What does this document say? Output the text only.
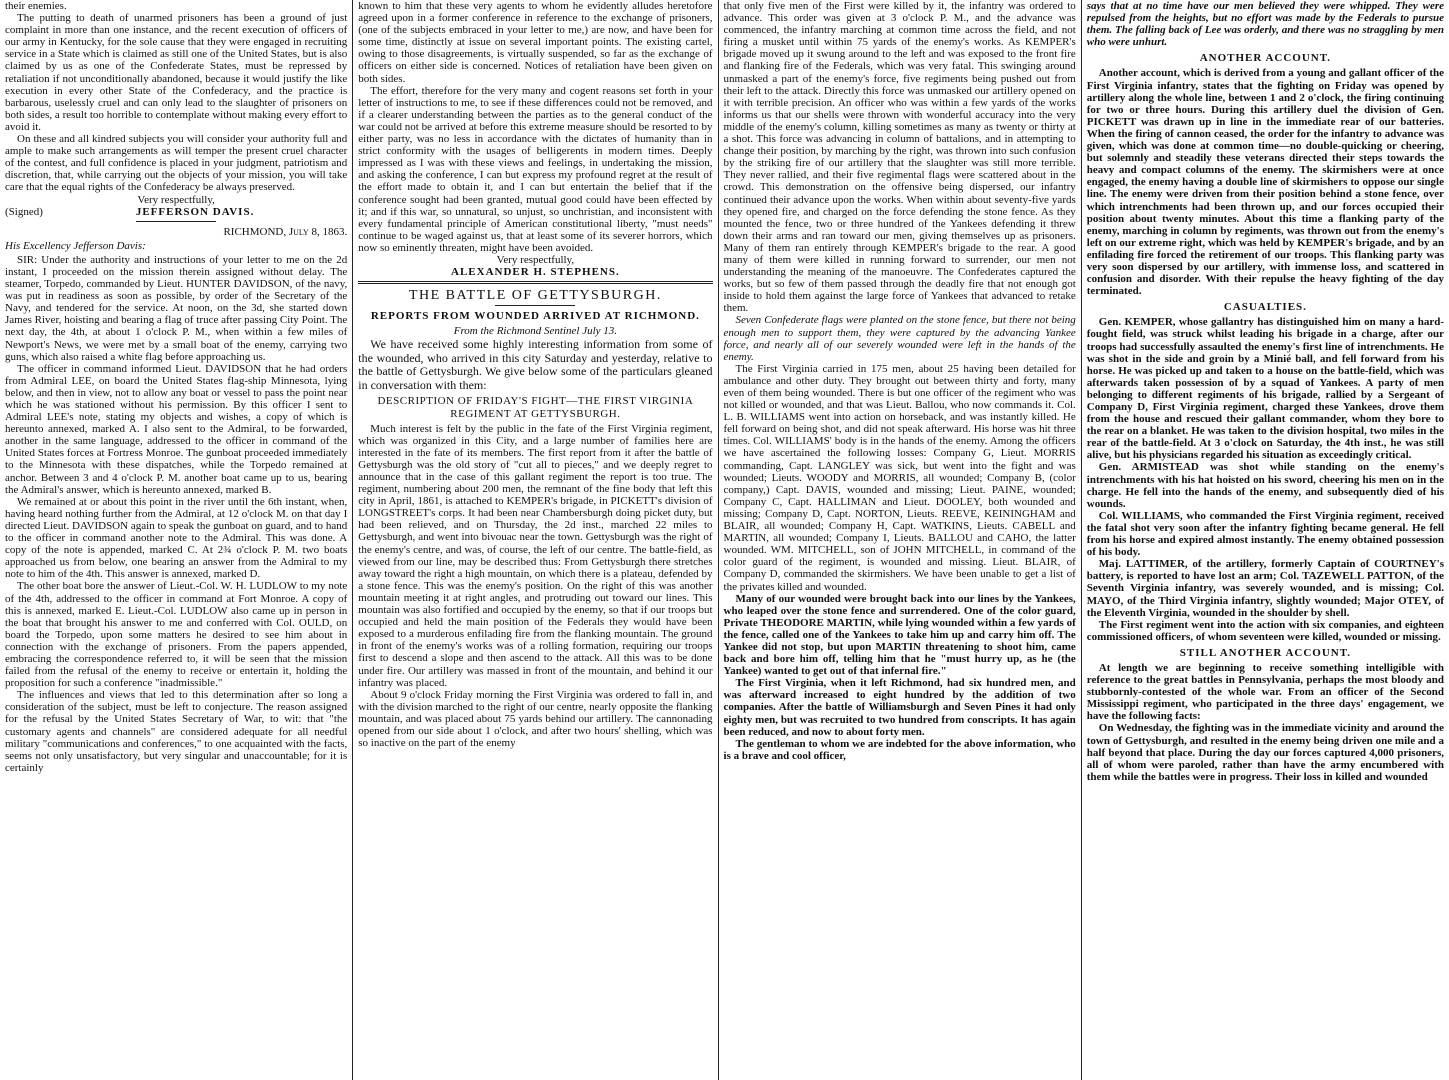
their enemies.

The putting to death of unarmed prisoners has been a ground of just complaint in more than one instance, and the recent execution of officers of our army in Kentucky, for the sole cause that they were engaged in recruiting service in a State which is claimed as still one of the United States, but is also claimed by us as one of the Confederate States, must be repressed by retaliation if not unconditionally abandoned, because it would justify the like execution in every other State of the Confederacy, and the practice is barbarous, uselessly cruel and can only lead to the slaughter of prisoners on both sides, a result too horrible to contemplate without making every effort to avoid it.

On these and all kindred subjects you will consider your authority full and ample to make such arrangements as will temper the present cruel character of the contest, and full confidence is placed in your judgment, patriotism and discretion, that, while carrying out the objects of your mission, you will take care that the equal rights of the Confederacy be always preserved.

Very respectfully,

(Signed)	JEFFERSON DAVIS.

RICHMOND, July 8, 1863.

His Excellency Jefferson Davis:

SIR: Under the authority and instructions of your letter to me on the 2d instant, I proceeded on the mission therein assigned without delay. The steamer, Torpedo, commanded by Lieut. HUNTER DAVIDSON, of the navy, was put in readiness as soon as possible, by order of the Secretary of the Navy, and tendered for the service. At noon, on the 3d, she started down James River, hoisting and bearing a flag of truce after passing City Point. The next day, the 4th, at about 1 o'clock P. M., when within a few miles of Newport's News, we were met by a small boat of the enemy, carrying two guns, which also raised a white flag before approaching us.

The officer in command informed Lieut. DAVIDSON that he had orders from Admiral LEE, on board the United States flag-ship Minnesota, lying below, and then in view, not to allow any boat or vessel to pass the point near which he was stationed without his permission. By this officer I sent to Admiral LEE's note, stating my objects and wishes, a copy of which is hereunto annexed, marked A. I also sent to the Admiral, to be forwarded, another in the same language, addressed to the officer in command of the United States forces at Fortress Monroe. The gunboat proceeded immediately to the Minnesota with these dispatches, while the Torpedo remained at anchor. Between 3 and 4 o'clock P. M. another boat came up to us, bearing the Admiral's answer, which is hereunto annexed, marked B.

We remained at or about this point in the river until the 6th instant, when, having heard nothing further from the Admiral, at 12 o'clock M. on that day I directed Lieut. DAVIDSON again to speak the gunboat on guard, and to hand to the officer in command another note to the Admiral. This was done. A copy of the note is appended, marked C. At 2¾ o'clock P. M. two boats approached us from below, one bearing an answer from the Admiral to my note to him of the 4th. This answer is annexed, marked D.

The other boat bore the answer of Lieut.-Col. W. H. LUDLOW to my note of the 4th, addressed to the officer in command at Fort Monroe. A copy of this is annexed, marked E. Lieut.-Col. LUDLOW also came up in person in the boat that brought his answer to me and conferred with Col. OULD, on board the Torpedo, upon some matters he desired to see him about in connection with the exchange of prisoners. From the papers appended, embracing the correspondence referred to, it will be seen that the mission failed from the refusal of the enemy to receive or entertain it, holding the proposition for such a conference "inadmissible."

The influences and views that led to this determination after so long a consideration of the subject, must be left to conjecture. The reason assigned for the refusal by the United States Secretary of War, to wit: that "the customary agents and channels" are considered adequate for all needful military "communications and conferences," to one acquainted with the facts, seems not only unsatisfactory, but very singular and unaccountable; for it is certainly

known to him that these very agents to whom he evidently alludes heretofore agreed upon in a former conference in reference to the exchange of prisoners, (one of the subjects embraced in your letter to me,) are now, and have been for some time, distinctly at issue on several important points. The existing cartel, owing to those disagreements, is virtually suspended, so far as the exchange of officers on either side is concerned. Notices of retaliation have been given on both sides.

The effort, therefore for the very many and cogent reasons set forth in your letter of instructions to me, to see if these differences could not be removed, and if a clearer understanding between the parties as to the general conduct of the war could not be arrived at before this extreme measure should be resorted to by either party, was no less in accordance with the dictates of humanity than in strict conformity with the usages of belligerents in modern times. Deeply impressed as I was with these views and feelings, in undertaking the mission, and asking the conference, I can but express my profound regret at the result of the effort made to obtain it, and I can but entertain the belief that if the conference sought had been granted, mutual good could have been effected by it; and if this war, so unnatural, so unjust, so unchristian, and inconsistent with every fundamental principle of American constitutional liberty, "must needs" continue to be waged against us, that at least some of its severer horrors, which now so eminently threaten, might have been avoided.

Very respectfully,

ALEXANDER H. STEPHENS.

THE BATTLE OF GETTYSBURGH.

REPORTS FROM WOUNDED ARRIVED AT RICHMOND.

From the Richmond Sentinel July 13.

We have received some highly interesting information from some of the wounded, who arrived in this city Saturday and yesterday, relative to the battle of Gettysburgh. We give below some of the particulars gleaned in conversation with them:

DESCRIPTION OF FRIDAY'S FIGHT—THE FIRST VIRGINIA REGIMENT AT GETTYSBURGH.

Much interest is felt by the public in the fate of the First Virginia regiment, which was organized in this City, and a large number of families here are interested in the fate of its members. The first report from it after the battle of Gettysburgh was the old story of "cut all to pieces," and we deeply regret to announce that in the case of this gallant regiment the report is too true. The regiment, numbering about 200 men, the remnant of the fine body that left this city in April, 1861, is attached to KEMPER's brigade, in PICKETT's division of LONGSTREET's corps. It had been near Chambersburgh doing picket duty, but had been relieved, and on Thursday, the 2d inst., marched 22 miles to Gettysburgh, and went into bivouac near the town. Gettysburgh was the right of the enemy's centre, and was, of course, the left of our centre. The battle-field, as viewed from our line, may be described thus: From Gettysburgh there stretches away toward the right a high mountain, on which there is a plateau, defended by a stone fence. This was the enemy's position. On the right of this was another mountain meeting it at right angles, and protruding out toward our lines. This mountain was also fortified and occupied by the enemy, so that if our troops but occupied and held the main position of the Federals they would have been exposed to a murderous enfilading fire from the flanking mountain. The ground in front of the enemy's works was of a rolling formation, requiring our troops first to descend a slope and then ascend to the attack. All this was to be done under fire. Our artillery was massed in front of the mountain, and behind it our infantry was placed.

About 9 o'clock Friday morning the First Virginia was ordered to fall in, and with the division marched to the right of our centre, nearly opposite the flanking mountain, and was placed about 75 yards behind our artillery. The cannonading opened from our side about 1 o'clock, and after two hours' shelling, which was so inactive on the part of the enemy

that only five men of the First were killed by it, the infantry was ordered to advance. This order was given at 3 o'clock P. M., and the advance was commenced, the infantry marching at common time across the field, and not firing a musket until within 75 yards of the enemy's works. As KEMPER's brigade moved up it swung around to the left and was exposed to the front fire and flanking fire of the Federals, which was very fatal. This swinging around unmasked a part of the enemy's force, five regiments being pushed out from their left to the attack. Directly this force was unmasked our artillery opened on it with terrible precision. An officer who was within a few yards of the works informs us that our shells were thrown with wonderful accuracy into the very middle of the enemy's column, killing sometimes as many as twenty or thirty at a shot. This force was advancing in column of battalions, and in attempting to change their position, by marching by the right, was thrown into such confusion by the striking fire of our artillery that the slaughter was still more terrible. They never rallied, and their five regimental flags were scattered about in the crowd. This demonstration on the offensive being dispersed, our infantry continued their advance upon the works. When within about seventy-five yards they opened fire, and charged on the force defending the stone fence. As they mounted the fence, two or three hundred of the Yankees defending it threw down their arms and ran toward our men, giving themselves up as prisoners. Many of them ran entirely through KEMPER's brigade to the rear. A good many of them were killed in running forward to surrender, our men not understanding the meaning of the manoeuvre. The Confederates captured the works, but so few of them passed through the deadly fire that not enough got inside to hold them against the large force of Yankees that advanced to retake them.

Seven Confederate flags were planted on the stone fence, but there not being enough men to support them, they were captured by the advancing Yankee force, and nearly all of our severely wounded were left in the hands of the enemy.

The First Virginia carried in 175 men, about 25 having been detailed for ambulance and other duty. They brought out between thirty and forty, many even of them being wounded. There is but one officer of the regiment who was not killed or wounded, and that was Lieut. Ballou, who now commands it. Col. L. B. WILLIAMS went into action on horseback, and was instantly killed. He fell forward on being shot, and did not speak afterward. His horse was hit three times. Col. WILLIAMS' body is in the hands of the enemy. Among the officers we have ascertained the following losses: Company G, Lieut. MORRIS commanding, Capt. LANGLEY was sick, but went into the fight and was wounded; Lieuts. WOODY and MORRIS, all wounded; Company B, (color company,) Capt. DAVIS, wounded and missing; Lieut. PAINE, wounded; Company C, Capt. HALLIMAN and Lieut. DOOLEY, both wounded and missing; Company D, Capt. NORTON, Lieuts. REEVE, KEININGHAM and BLAIR, all wounded; Company H, Capt. WATKINS, Lieuts. CABELL and MARTIN, all wounded; Company I, Lieuts. BALLOU and CAHO, the latter wounded. WM. MITCHELL, son of JOHN MITCHELL, in command of the color guard of the regiment, is wounded and missing. Lieut. BLAIR, of Company D, commanded the skirmishers. We have been unable to get a list of the privates killed and wounded.

Many of our wounded were brought back into our lines by the Yankees, who leaped over the stone fence and surrendered. One of the color guard, Private THEODORE MARTIN, while lying wounded within a few yards of the fence, called one of the Yankees to take him up and carry him off. The Yankee did not stop, but upon MARTIN threatening to shoot him, came back and bore him off, telling him that he "must hurry up, as he (the Yankee) wanted to get out of that infernal fire."

The First Virginia, when it left Richmond, had six hundred men, and was afterward increased to eight hundred by the addition of two companies. After the battle of Williamsburgh and Seven Pines it had only eighty men, but was recruited to two hundred from conscripts. It has again been reduced, and now to about forty men.

The gentleman to whom we are indebted for the above information, who is a brave and cool officer,

says that at no time have our men believed they were whipped. They were repulsed from the heights, but no effort was made by the Federals to pursue them. The falling back of Lee was orderly, and there was no straggling by men who were unhurt.

ANOTHER ACCOUNT.

Another account, which is derived from a young and gallant officer of the First Virginia infantry, states that the fighting on Friday was opened by artillery along the whole line, between 1 and 2 o'clock, the firing continuing for two or three hours. During this artillery duel the division of Gen. PICKETT was drawn up in line in the immediate rear of our batteries. When the firing of cannon ceased, the order for the infantry to advance was given, which was done at common time—no double-quicking or cheering, but solemnly and steadily these veterans directed their steps towards the heavy and compact columns of the enemy. The skirmishers were at once engaged, the enemy having a double line of skirmishers to oppose our single line. The enemy were driven from their position behind a stone fence, over which intrenchments had been thrown up, and our forces occupied their position about twenty minutes. About this time a flanking party of the enemy, marching in column by regiments, was thrown out from the enemy's left on our extreme right, which was held by KEMPER's brigade, and by an enfilading fire forced the retirement of our troops. This flanking party was very soon dispersed by our artillery, with immense loss, and scattered in confusion and disorder. With their repulse the heavy fighting of the day terminated.

CASUALTIES.

Gen. KEMPER, whose gallantry has distinguished him on many a hard-fought field, was struck whilst leading his brigade in a charge, after our troops had successfully assaulted the enemy's first line of intrenchments. He was shot in the side and groin by a Minié ball, and fell forward from his horse. He was picked up and taken to a house on the battle-field, which was afterwards taken possession of by a squad of Yankees. A party of men belonging to different regiments of his brigade, rallied by a Sergeant of Company D, First Virginia regiment, charged these Yankees, drove them from the house and rescued their gallant commander, whom they bore to the rear on a blanket. He was taken to the division hospital, two miles in the rear of the battle-field. At 3 o'clock on Saturday, the 4th inst., he was still alive, but his physicians regarded his situation as exceedingly critical.

Gen. ARMISTEAD was shot while standing on the enemy's intrenchments with his hat hoisted on his sword, cheering his men on in the charge. He fell into the hands of the enemy, and subsequently died of his wounds.

Col. WILLIAMS, who commanded the First Virginia regiment, received the fatal shot very soon after the infantry fighting became general. He fell from his horse and expired almost instantly. The enemy obtained possession of his body.

Maj. LATTIMER, of the artillery, formerly Captain of COURTNEY's battery, is reported to have lost an arm; Col. TAZEWELL PATTON, of the Seventh Virginia infantry, was severely wounded, and is missing; Col. MAYO, of the Third Virginia infantry, slightly wounded; Major OTEY, of the Eleventh Virginia, wounded in the shoulder by shell.

The First regiment went into the action with six companies, and eighteen commissioned officers, of whom seventeen were killed, wounded or missing.

STILL ANOTHER ACCOUNT.

At length we are beginning to receive something intelligible with reference to the great battles in Pennsylvania, perhaps the most bloody and stubbornly-contested of the whole war. From an officer of the Second Mississippi regiment, who participated in the three days' engagement, we have the following facts:

On Wednesday, the fighting was in the immediate vicinity and around the town of Gettysburgh, and resulted in the enemy being driven one mile and a half beyond that place. During the day our forces captured 4,000 prisoners, all of whom were paroled, rather than have the army encumbered with them while the battles were in progress. Their loss in killed and wounded
